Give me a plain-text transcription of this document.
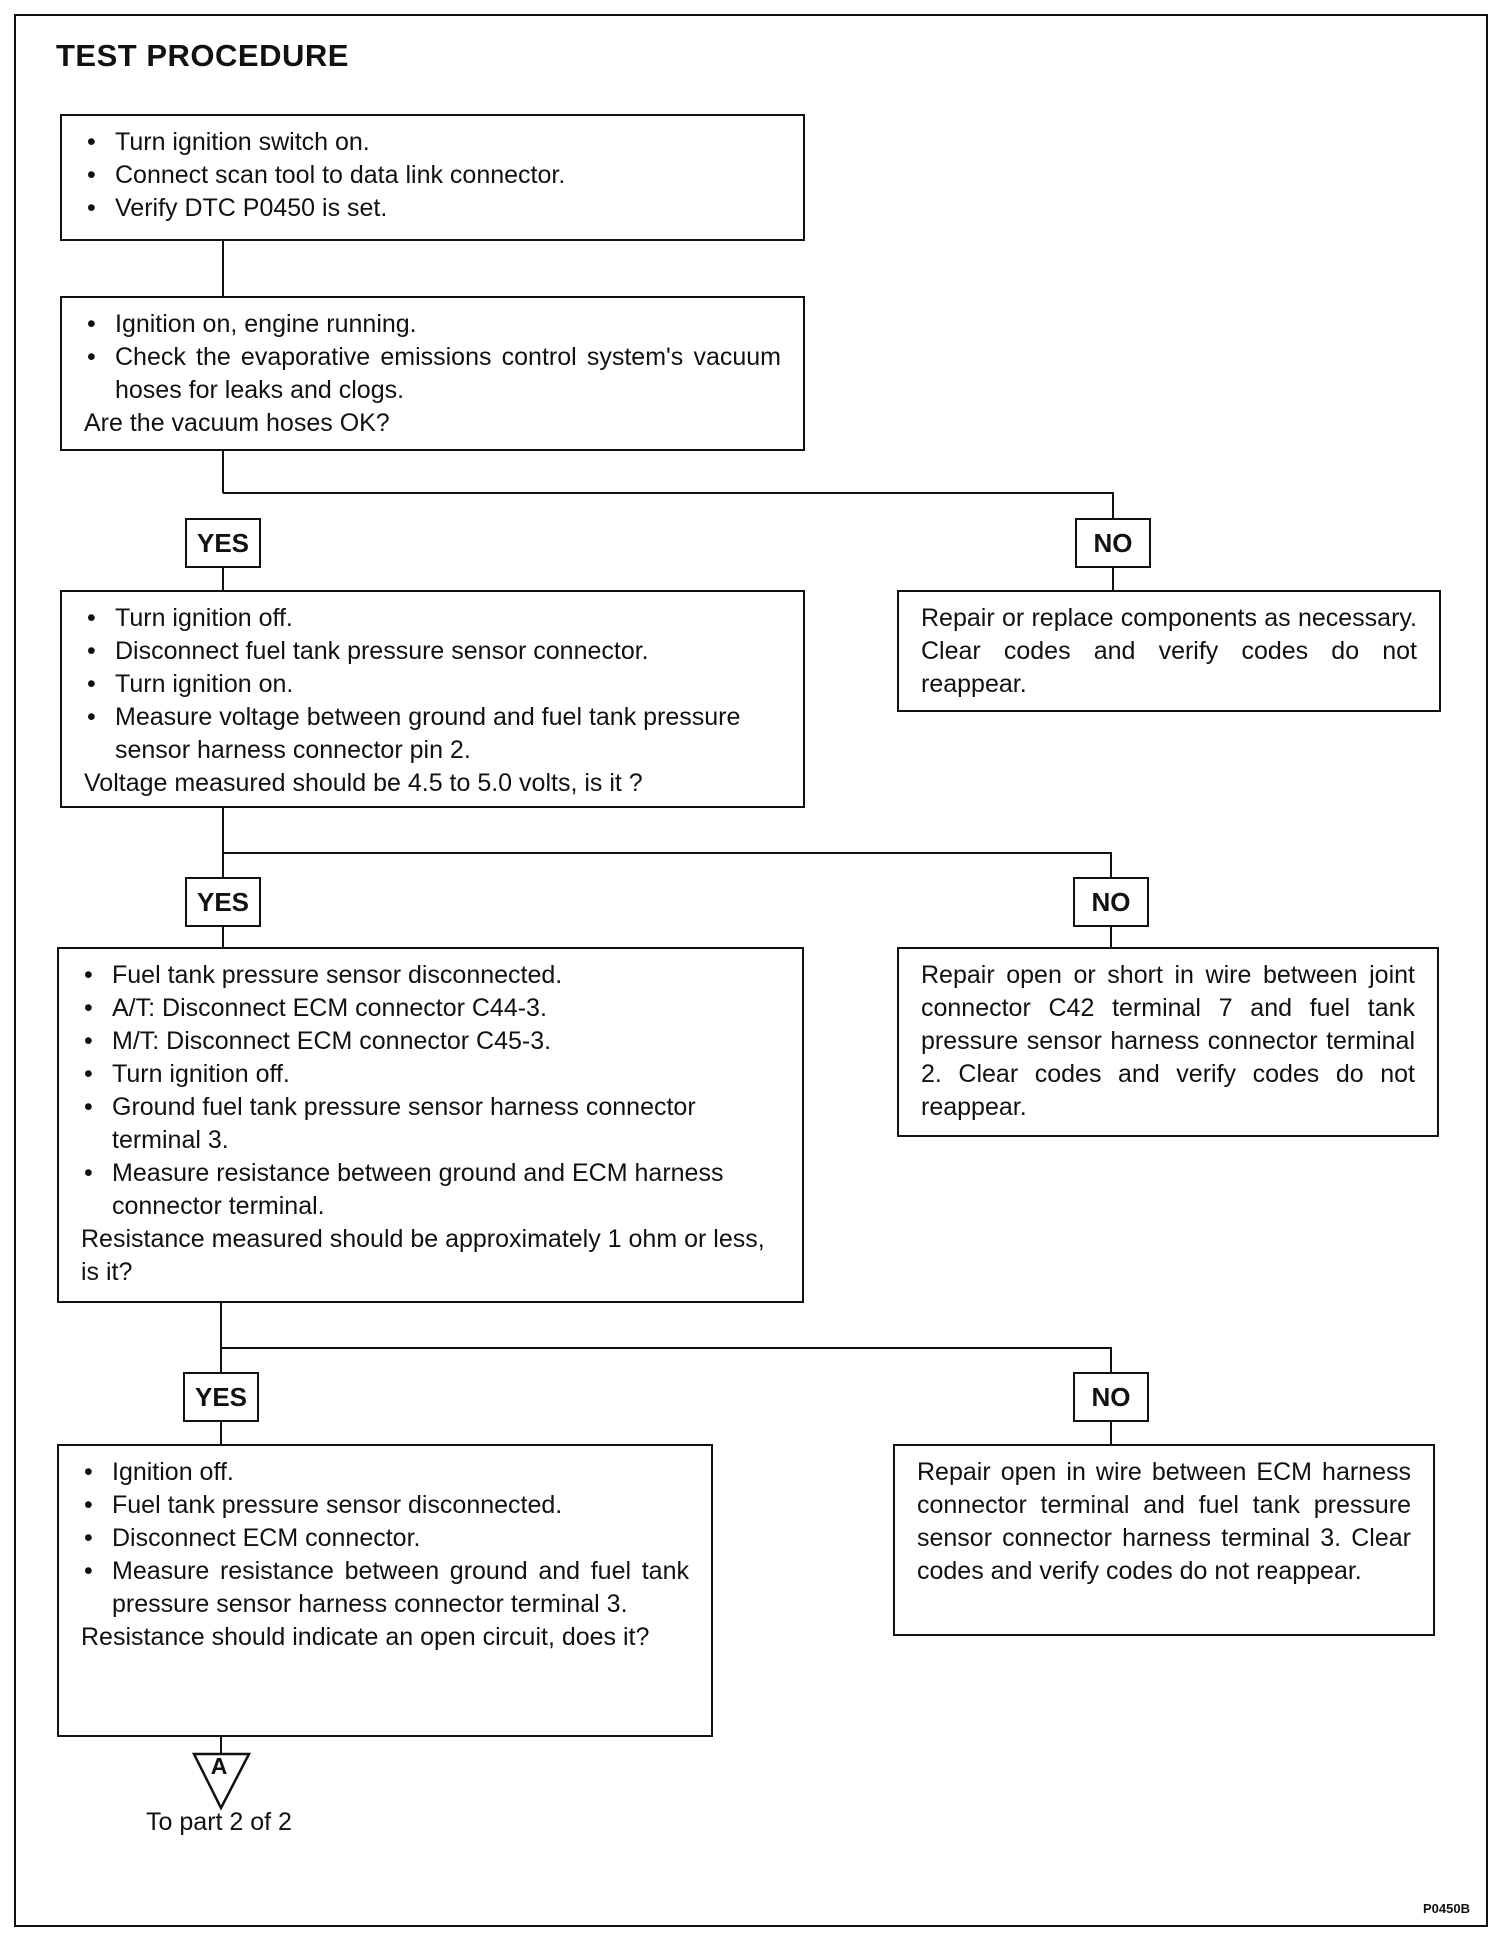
TEST PROCEDURE
• Turn ignition switch on.
• Connect scan tool to data link connector.
• Verify DTC P0450 is set.
• Ignition on, engine running.
• Check the evaporative emissions control system's vacuum hoses for leaks and clogs.

Are the vacuum hoses OK?

YES	NO
• Turn ignition off.
• Disconnect fuel tank pressure sensor connector.
• Turn ignition on.
• Measure voltage between ground and fuel tank pressure sensor harness connector pin 2.

Voltage measured should be 4.5 to 5.0 volts, is it ?

Repair or replace components as necessary. Clear codes and verify codes do not reappear.
YES	NO
• Fuel tank pressure sensor disconnected.
• A/T: Disconnect ECM connector C44-3.
• M/T: Disconnect ECM connector C45-3.
• Turn ignition off.
• Ground fuel tank pressure sensor harness connector terminal 3.
• Measure resistance between ground and ECM harness connector terminal.

Resistance measured should be approximately 1 ohm or less, is it?

Repair open or short in wire between joint connector C42 terminal 7 and fuel tank pressure sensor harness connector terminal 2. Clear codes and verify codes do not reappear.
YES	NO
• Ignition off.
• Fuel tank pressure sensor disconnected.
• Disconnect ECM connector.
• Measure resistance between ground and fuel tank pressure sensor harness connector terminal 3.

Resistance should indicate an open circuit, does it?

Repair open in wire between ECM harness connector terminal and fuel tank pressure sensor connector harness terminal 3. Clear codes and verify codes do not reappear.
A
To part 2 of 2
P0450B
